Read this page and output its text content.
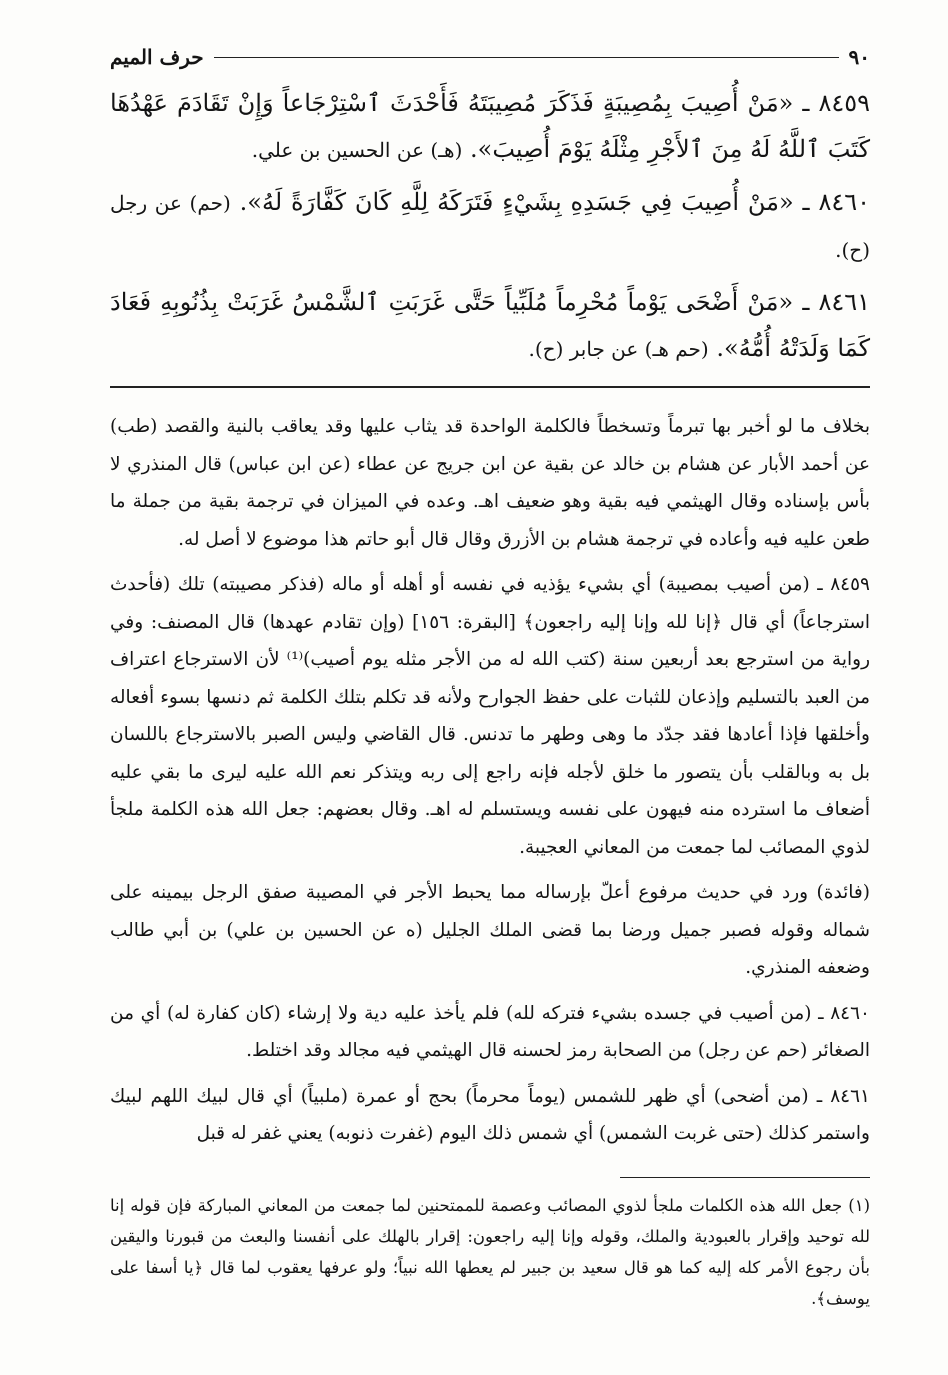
٩٠
حرف الميم

٨٤٥٩ ـ «مَنْ أُصِيبَ بِمُصِيبَةٍ فَذَكَرَ مُصِيبَتَهُ فَأَحْدَثَ ٱسْتِرْجَاعاً وَإِنْ تَقَادَمَ عَهْدُهَا كَتَبَ ٱللَّهُ لَهُ مِنَ ٱلأَجْرِ مِثْلَهُ يَوْمَ أُصِيبَ». (هـ) عن الحسين بن علي.

٨٤٦٠ ـ «مَنْ أُصِيبَ فِي جَسَدِهِ بِشَيْءٍ فَتَرَكَهُ لِلَّهِ كَانَ كَفَّارَةً لَهُ». (حم) عن رجل (ح).

٨٤٦١ ـ «مَنْ أَضْحَى يَوْماً مُحْرِماً مُلَبِّياً حَتَّى غَرَبَتِ ٱلشَّمْسُ غَرَبَتْ بِذُنُوبِهِ فَعَادَ كَمَا وَلَدَتْهُ أُمُّهُ». (حم هـ) عن جابر (ح).

بخلاف ما لو أخبر بها تبرماً وتسخطاً فالكلمة الواحدة قد يثاب عليها وقد يعاقب بالنية والقصد (طب) عن أحمد الأبار عن هشام بن خالد عن بقية عن ابن جريج عن عطاء (عن ابن عباس) قال المنذري لا بأس بإسناده وقال الهيثمي فيه بقية وهو ضعيف اهـ. وعده في الميزان في ترجمة بقية من جملة ما طعن عليه فيه وأعاده في ترجمة هشام بن الأزرق وقال قال أبو حاتم هذا موضوع لا أصل له.

٨٤٥٩ ـ (من أصيب بمصيبة) أي بشيء يؤذيه في نفسه أو أهله أو ماله (فذكر مصيبته) تلك (فأحدث استرجاعاً) أي قال ﴿إنا لله وإنا إليه راجعون﴾ [البقرة: ١٥٦] (وإن تقادم عهدها) قال المصنف: وفي رواية من استرجع بعد أربعين سنة (كتب الله له من الأجر مثله يوم أصيب)⁽¹⁾ لأن الاسترجاع اعتراف من العبد بالتسليم وإذعان للثبات على حفظ الجوارح ولأنه قد تكلم بتلك الكلمة ثم دنسها بسوء أفعاله وأخلقها فإذا أعادها فقد جدّد ما وهى وطهر ما تدنس. قال القاضي وليس الصبر بالاسترجاع باللسان بل به وبالقلب بأن يتصور ما خلق لأجله فإنه راجع إلى ربه ويتذكر نعم الله عليه ليرى ما بقي عليه أضعاف ما استرده منه فيهون على نفسه ويستسلم له اهـ. وقال بعضهم: جعل الله هذه الكلمة ملجأ لذوي المصائب لما جمعت من المعاني العجيبة.

(فائدة) ورد في حديث مرفوع أعلّ بإرساله مما يحبط الأجر في المصيبة صفق الرجل بيمينه على شماله وقوله فصبر جميل ورضا بما قضى الملك الجليل (ه عن الحسين بن علي) بن أبي طالب وضعفه المنذري.

٨٤٦٠ ـ (من أصيب في جسده بشيء فتركه لله) فلم يأخذ عليه دية ولا إرشاء (كان كفارة له) أي من الصغائر (حم عن رجل) من الصحابة رمز لحسنه قال الهيثمي فيه مجالد وقد اختلط.

٨٤٦١ ـ (من أضحى) أي ظهر للشمس (يوماً محرماً) بحج أو عمرة (ملبياً) أي قال لبيك اللهم لبيك واستمر كذلك (حتى غربت الشمس) أي شمس ذلك اليوم (غفرت ذنوبه) يعني غفر له قبل

(١) جعل الله هذه الكلمات ملجأ لذوي المصائب وعصمة للممتحنين لما جمعت من المعاني المباركة فإن قوله إنا لله توحيد وإقرار بالعبودية والملك، وقوله وإنا إليه راجعون: إقرار بالهلك على أنفسنا والبعث من قبورنا واليقين بأن رجوع الأمر كله إليه كما هو قال سعيد بن جبير لم يعطها الله نبياً؛ ولو عرفها يعقوب لما قال ﴿يا أسفا على يوسف﴾.
